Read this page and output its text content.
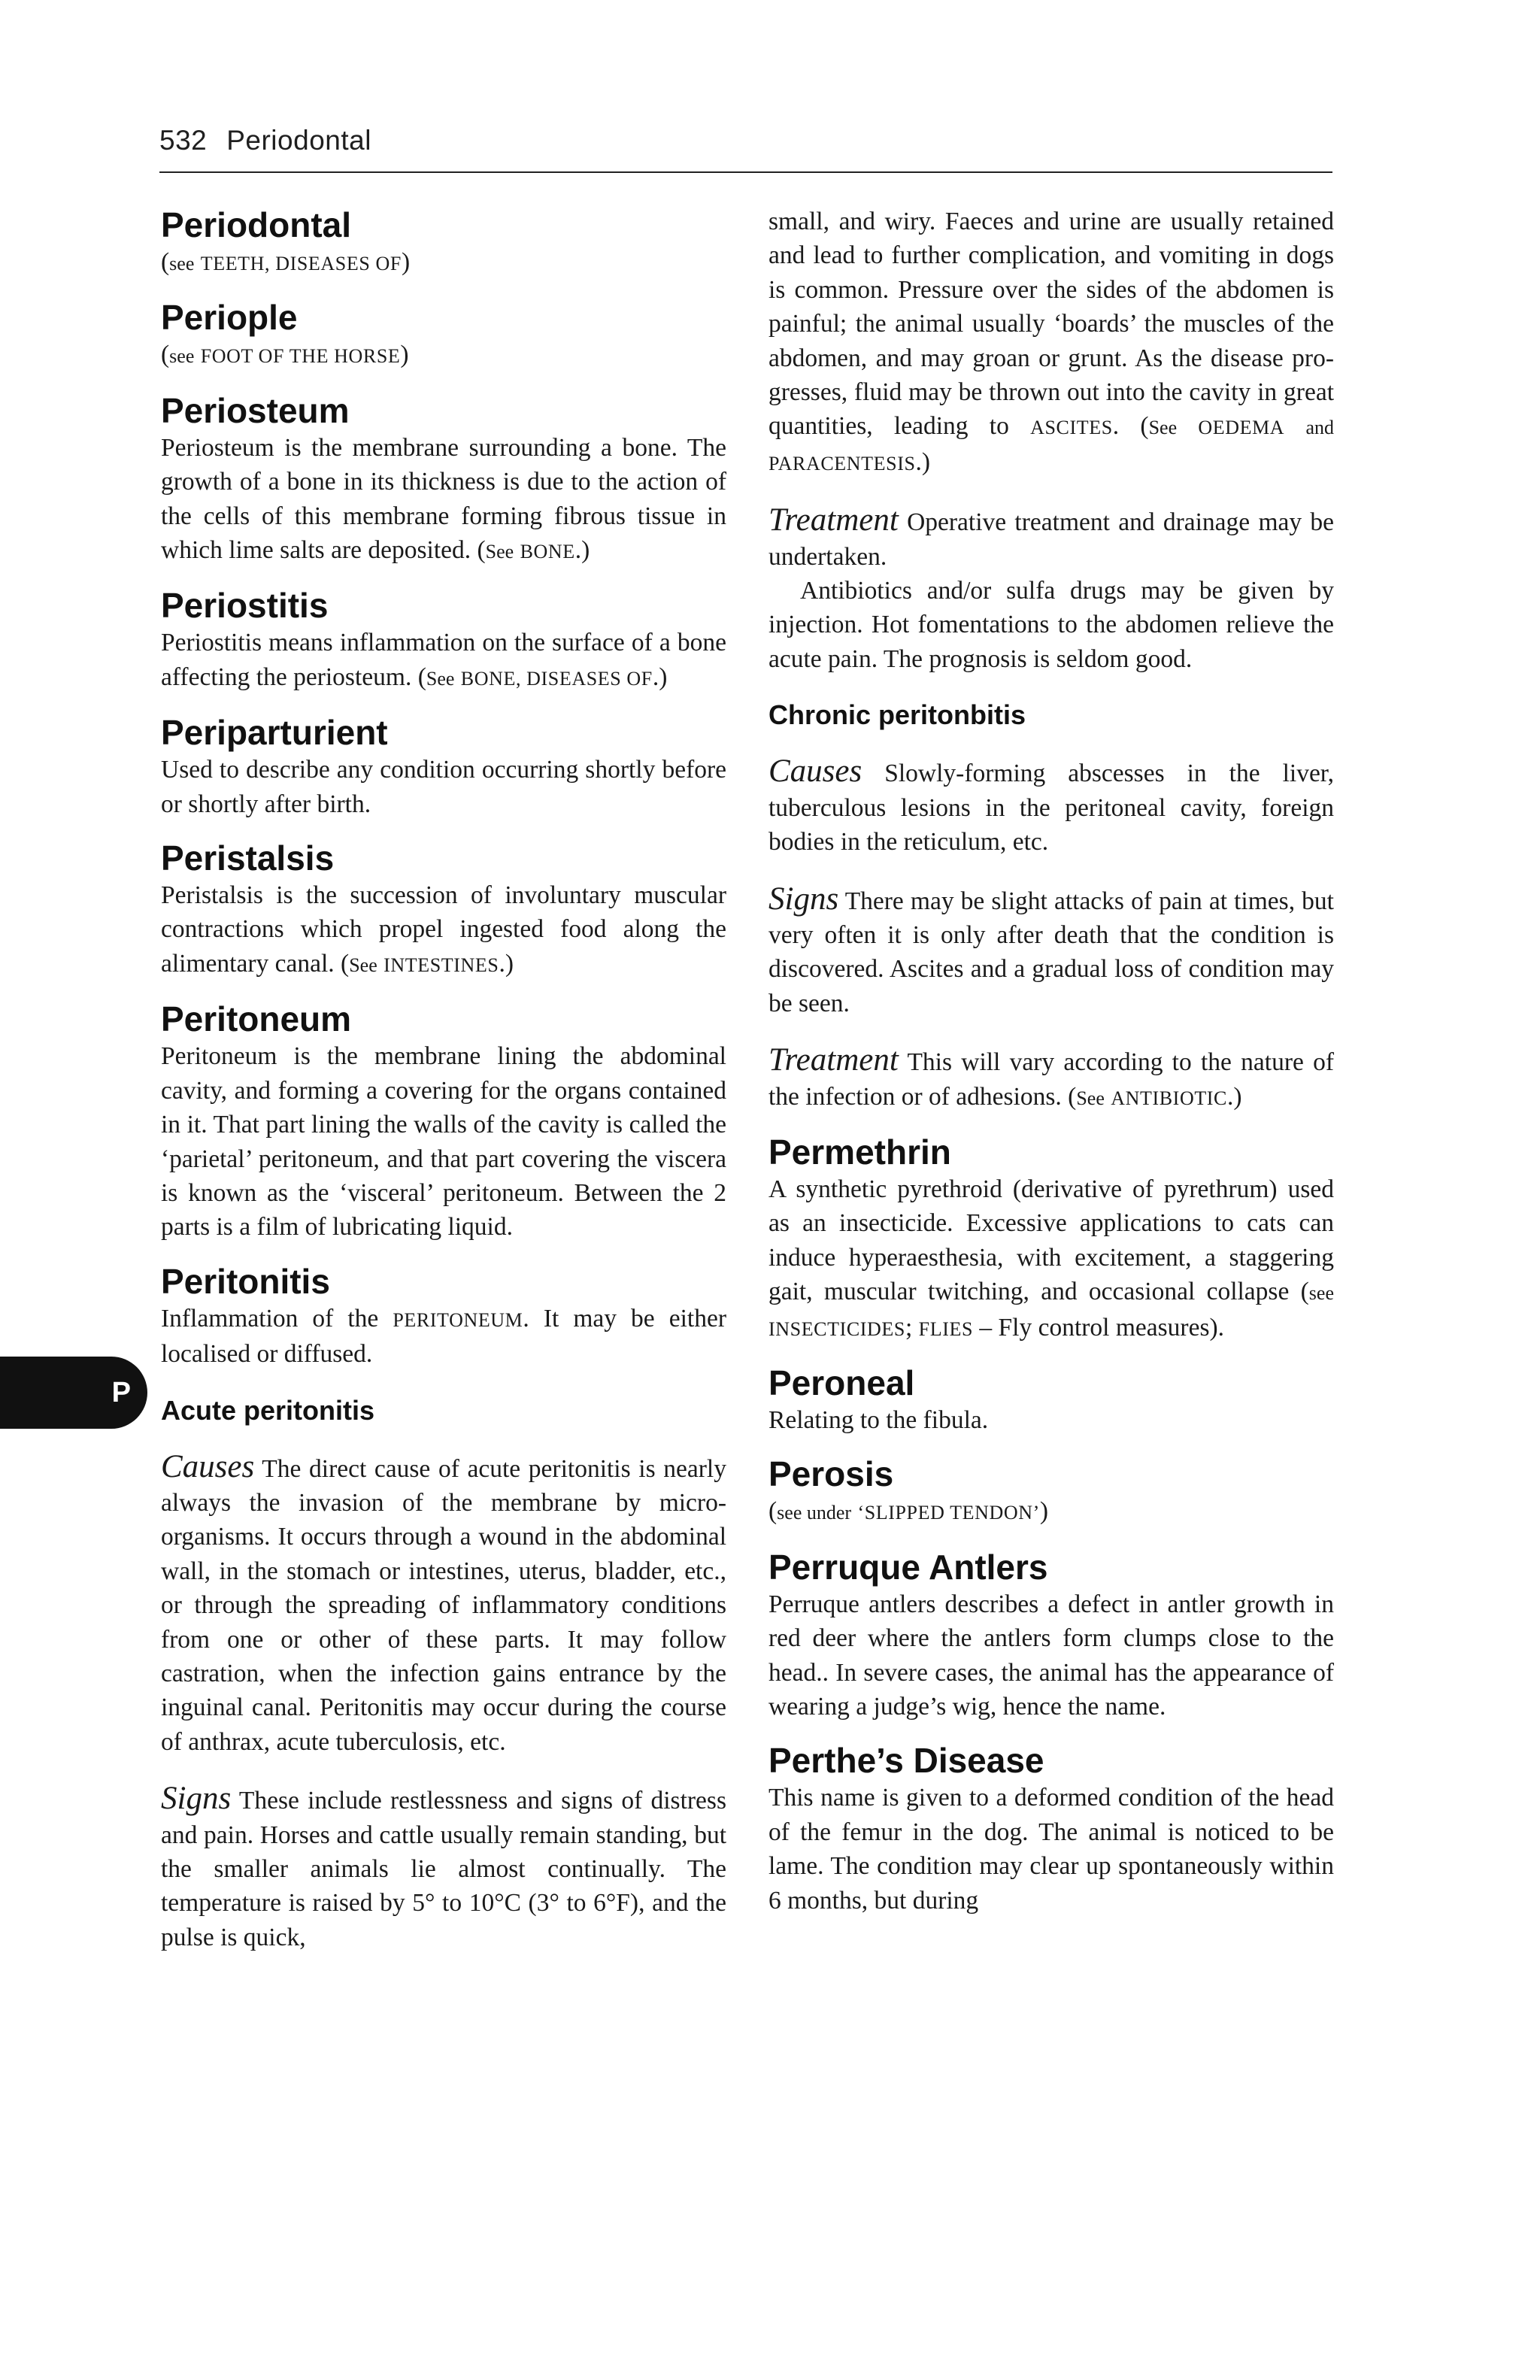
532 Periodontal
P
Periodontal

(see TEETH, DISEASES OF)

Periople

(see FOOT OF THE HORSE)

Periosteum

Periosteum is the membrane surrounding a bone. The growth of a bone in its thickness is due to the action of the cells of this membrane forming fibrous tissue in which lime salts are deposited. (See BONE.)

Periostitis

Periostitis means inflammation on the surface of a bone affecting the periosteum. (See BONE, DISEASES OF.)

Periparturient

Used to describe any condition occurring shortly before or shortly after birth.

Peristalsis

Peristalsis is the succession of involuntary muscular contractions which propel ingested food along the alimentary canal. (See INTESTINES.)

Peritoneum

Peritoneum is the membrane lining the abdominal cavity, and forming a covering for the organs contained in it. That part lining the walls of the cavity is called the ‘parietal’ peritoneum, and that part covering the viscera is known as the ‘visceral’ peritoneum. Between the 2 parts is a film of lubricating liquid.

Peritonitis

Inflammation of the PERITONEUM. It may be either localised or diffused.

Acute peritonitis

Causes The direct cause of acute peritonitis is nearly always the invasion of the membrane by micro-organisms. It occurs through a wound in the abdominal wall, in the stomach or intestines, uterus, bladder, etc., or through the spreading of inflammatory conditions from one or other of these parts. It may follow castration, when the infection gains entrance by the inguinal canal. Peritonitis may occur during the course of anthrax, acute tuberculosis, etc.

Signs These include restlessness and signs of distress and pain. Horses and cattle usually remain standing, but the smaller animals lie almost continually. The temperature is raised by 5° to 10°C (3° to 6°F), and the pulse is quick,

small, and wiry. Faeces and urine are usually retained and lead to further complication, and vomiting in dogs is common. Pressure over the sides of the abdomen is painful; the animal usually ‘boards’ the muscles of the abdomen, and may groan or grunt. As the disease progresses, fluid may be thrown out into the cavity in great quantities, leading to ASCITES. (See OEDEMA and PARACENTESIS.)

Treatment Operative treatment and drainage may be undertaken.

Antibiotics and/or sulfa drugs may be given by injection. Hot fomentations to the abdomen relieve the acute pain. The prognosis is seldom good.

Chronic peritonbitis

Causes Slowly-forming abscesses in the liver, tuberculous lesions in the peritoneal cavity, foreign bodies in the reticulum, etc.

Signs There may be slight attacks of pain at times, but very often it is only after death that the condition is discovered. Ascites and a gradual loss of condition may be seen.

Treatment This will vary according to the nature of the infection or of adhesions. (See ANTIBIOTIC.)

Permethrin

A synthetic pyrethroid (derivative of pyrethrum) used as an insecticide. Excessive applications to cats can induce hyperaesthesia, with excitement, a staggering gait, muscular twitching, and occasional collapse (see INSECTICIDES; FLIES – Fly control measures).

Peroneal

Relating to the fibula.

Perosis

(see under ‘SLIPPED TENDON’)

Perruque Antlers

Perruque antlers describes a defect in antler growth in red deer where the antlers form clumps close to the head.. In severe cases, the animal has the appearance of wearing a judge’s wig, hence the name.

Perthe’s Disease

This name is given to a deformed condition of the head of the femur in the dog. The animal is noticed to be lame. The condition may clear up spontaneously within 6 months, but during
